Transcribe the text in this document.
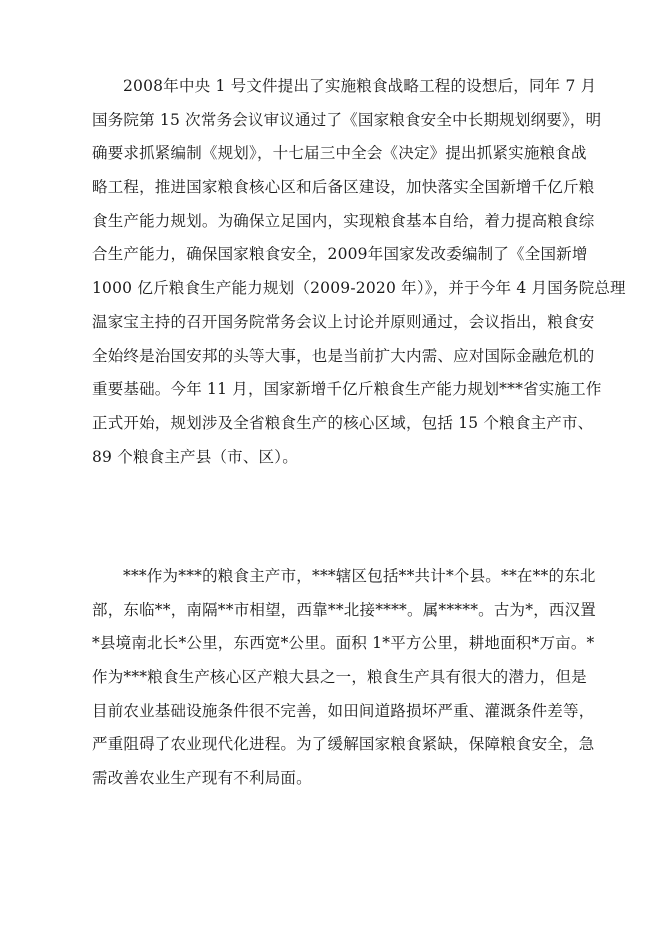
2008年中央 1 号文件提出了实施粮食战略工程的设想后，同年 7 月
国务院第 15 次常务会议审议通过了《国家粮食安全中长期规划纲要》，明
确要求抓紧编制《规划》，十七届三中全会《决定》提出抓紧实施粮食战
略工程，推进国家粮食核心区和后备区建设，加快落实全国新增千亿斤粮
食生产能力规划。为确保立足国内，实现粮食基本自给，着力提高粮食综
合生产能力，确保国家粮食安全，2009年国家发改委编制了《全国新增
1000 亿斤粮食生产能力规划（2009-2020 年）》，并于今年 4 月国务院总理
温家宝主持的召开国务院常务会议上讨论并原则通过，会议指出，粮食安
全始终是治国安邦的头等大事，也是当前扩大内需、应对国际金融危机的
重要基础。今年 11 月，国家新增千亿斤粮食生产能力规划***省实施工作
正式开始，规划涉及全省粮食生产的核心区域，包括 15 个粮食主产市、
89 个粮食主产县（市、区）。
***作为***的粮食主产市，***辖区包括**共计*个县。**在**的东北
部，东临**，南隔**市相望，西靠**北接****。属*****。古为*，西汉置
*县境南北长*公里，东西宽*公里。面积 1*平方公里，耕地面积*万亩。*
作为***粮食生产核心区产粮大县之一，粮食生产具有很大的潜力，但是
目前农业基础设施条件很不完善，如田间道路损坏严重、灌溉条件差等，
严重阻碍了农业现代化进程。为了缓解国家粮食紧缺，保障粮食安全，急
需改善农业生产现有不利局面。
